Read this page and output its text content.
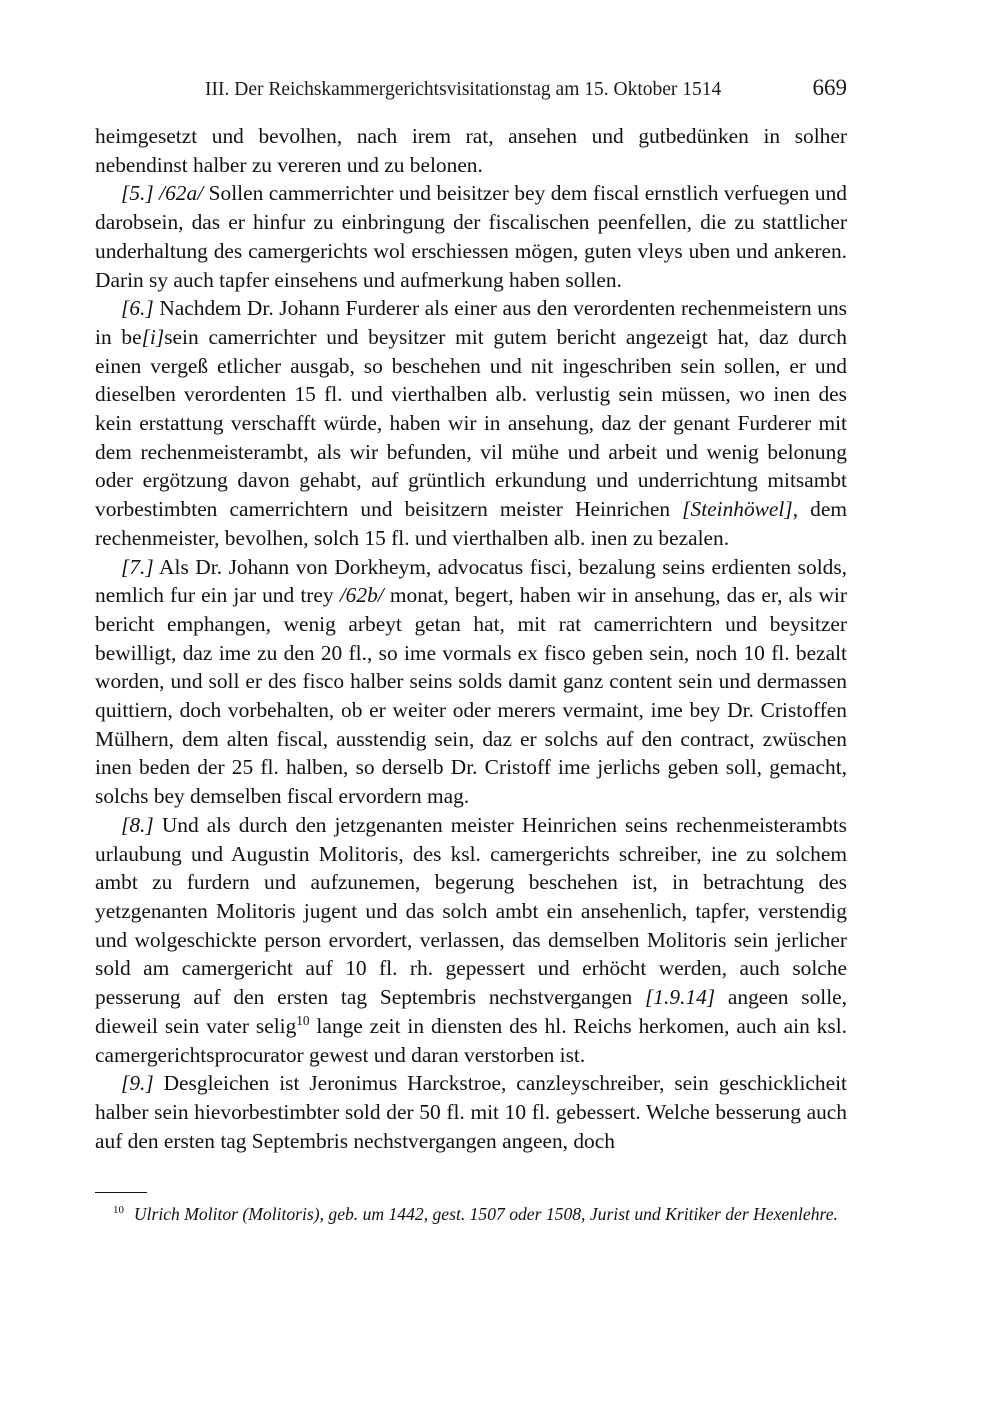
III. Der Reichskammergerichtsvisitationstag am 15. Oktober 1514	669

heimgesetzt und bevolhen, nach irem rat, ansehen und gutbedünken in solher nebendinst halber zu vereren und zu belonen.

[5.] /62a/ Sollen cammerrichter und beisitzer bey dem fiscal ernstlich verfuegen und darobsein, das er hinfur zu einbringung der fiscalischen peenfellen, die zu stattlicher underhaltung des camergerichts wol erschiessen mögen, guten vleys uben und ankeren. Darin sy auch tapfer einsehens und aufmerkung haben sollen.

[6.] Nachdem Dr. Johann Furderer als einer aus den verordenten rechenmeistern uns in be[i]sein camerrichter und beysitzer mit gutem bericht angezeigt hat, daz durch einen vergeß etlicher ausgab, so beschehen und nit ingeschriben sein sollen, er und dieselben verordenten 15 fl. und vierthalben alb. verlustig sein müssen, wo inen des kein erstattung verschafft würde, haben wir in ansehung, daz der genant Furderer mit dem rechenmeisterambt, als wir befunden, vil mühe und arbeit und wenig belonung oder ergötzung davon gehabt, auf grüntlich erkundung und underrichtung mitsambt vorbestimbten camerrichtern und beisitzern meister Heinrichen [Steinhöwel], dem rechenmeister, bevolhen, solch 15 fl. und vierthalben alb. inen zu bezalen.

[7.] Als Dr. Johann von Dorkheym, advocatus fisci, bezalung seins erdienten solds, nemlich fur ein jar und trey /62b/ monat, begert, haben wir in ansehung, das er, als wir bericht emphangen, wenig arbeyt getan hat, mit rat camerrichtern und beysitzer bewilligt, daz ime zu den 20 fl., so ime vormals ex fisco geben sein, noch 10 fl. bezalt worden, und soll er des fisco halber seins solds damit ganz content sein und dermassen quittiern, doch vorbehalten, ob er weiter oder merers vermaint, ime bey Dr. Cristoffen Mülhern, dem alten fiscal, ausstendig sein, daz er solchs auf den contract, zwüschen inen beden der 25 fl. halben, so derselb Dr. Cristoff ime jerlichs geben soll, gemacht, solchs bey demselben fiscal ervordern mag.

[8.] Und als durch den jetzgenanten meister Heinrichen seins rechenmeisterambts urlaubung und Augustin Molitoris, des ksl. camergerichts schreiber, ine zu solchem ambt zu furdern und aufzunemen, begerung beschehen ist, in betrachtung des yetzgenanten Molitoris jugent und das solch ambt ein ansehenlich, tapfer, verstendig und wolgeschickte person ervordert, verlassen, das demselben Molitoris sein jerlicher sold am camergericht auf 10 fl. rh. gepessert und erhöcht werden, auch solche pesserung auf den ersten tag Septembris nechstvergangen [1.9.14] angeen solle, dieweil sein vater selig$^{10}$ lange zeit in diensten des hl. Reichs herkomen, auch ain ksl. camergerichtsprocurator gewest und daran verstorben ist.

[9.] Desgleichen ist Jeronimus Harckstroe, canzleyschreiber, sein geschicklicheit halber sein hievorbestimbter sold der 50 fl. mit 10 fl. gebessert. Welche besserung auch auf den ersten tag Septembris nechstvergangen angeen, doch

$^{10}$ Ulrich Molitor (Molitoris), geb. um 1442, gest. 1507 oder 1508, Jurist und Kritiker der Hexenlehre.
